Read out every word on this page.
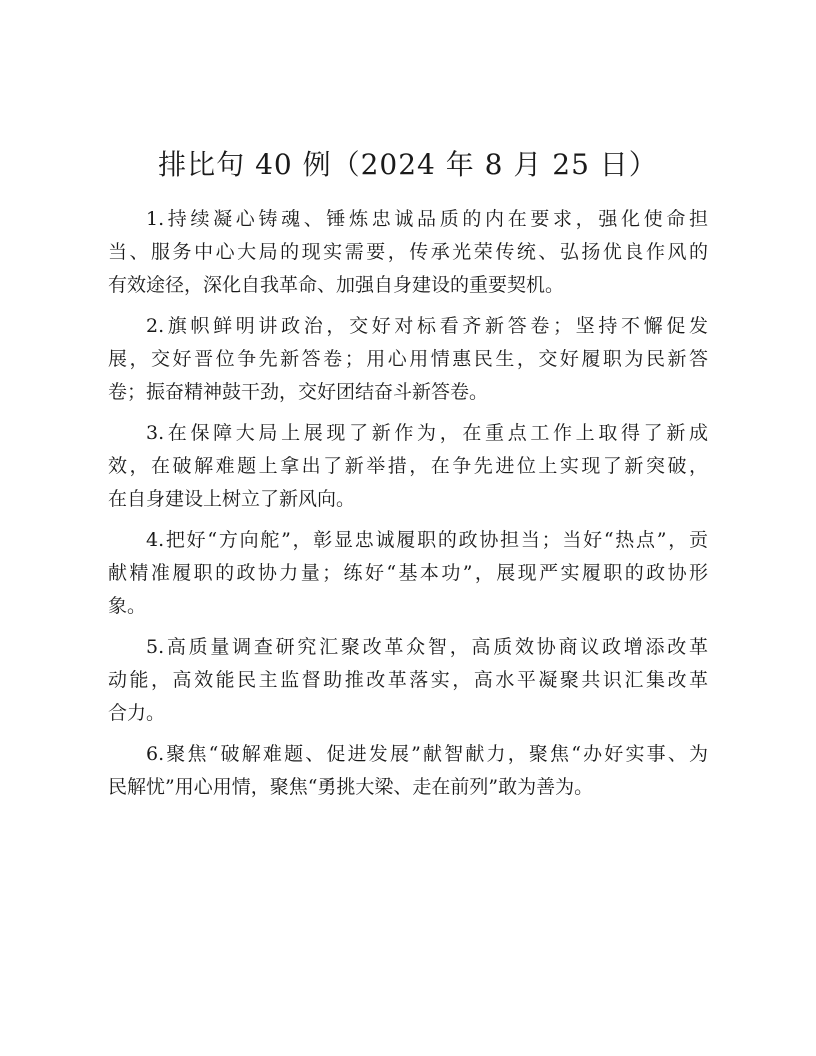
排比句 40 例（2024 年 8 月 25 日）
1.持续凝心铸魂、锤炼忠诚品质的内在要求，强化使命担
当、服务中心大局的现实需要，传承光荣传统、弘扬优良作风的
有效途径，深化自我革命、加强自身建设的重要契机。
2.旗帜鲜明讲政治，交好对标看齐新答卷；坚持不懈促发
展，交好晋位争先新答卷；用心用情惠民生，交好履职为民新答
卷；振奋精神鼓干劲，交好团结奋斗新答卷。
3.在保障大局上展现了新作为，在重点工作上取得了新成
效，在破解难题上拿出了新举措，在争先进位上实现了新突破，
在自身建设上树立了新风向。
4.把好“方向舵”，彰显忠诚履职的政协担当；当好“热点”，贡
献精准履职的政协力量；练好“基本功”，展现严实履职的政协形
象。
5.高质量调查研究汇聚改革众智，高质效协商议政增添改革
动能，高效能民主监督助推改革落实，高水平凝聚共识汇集改革
合力。
6.聚焦“破解难题、促进发展”献智献力，聚焦“办好实事、为
民解忧”用心用情，聚焦“勇挑大梁、走在前列”敢为善为。
